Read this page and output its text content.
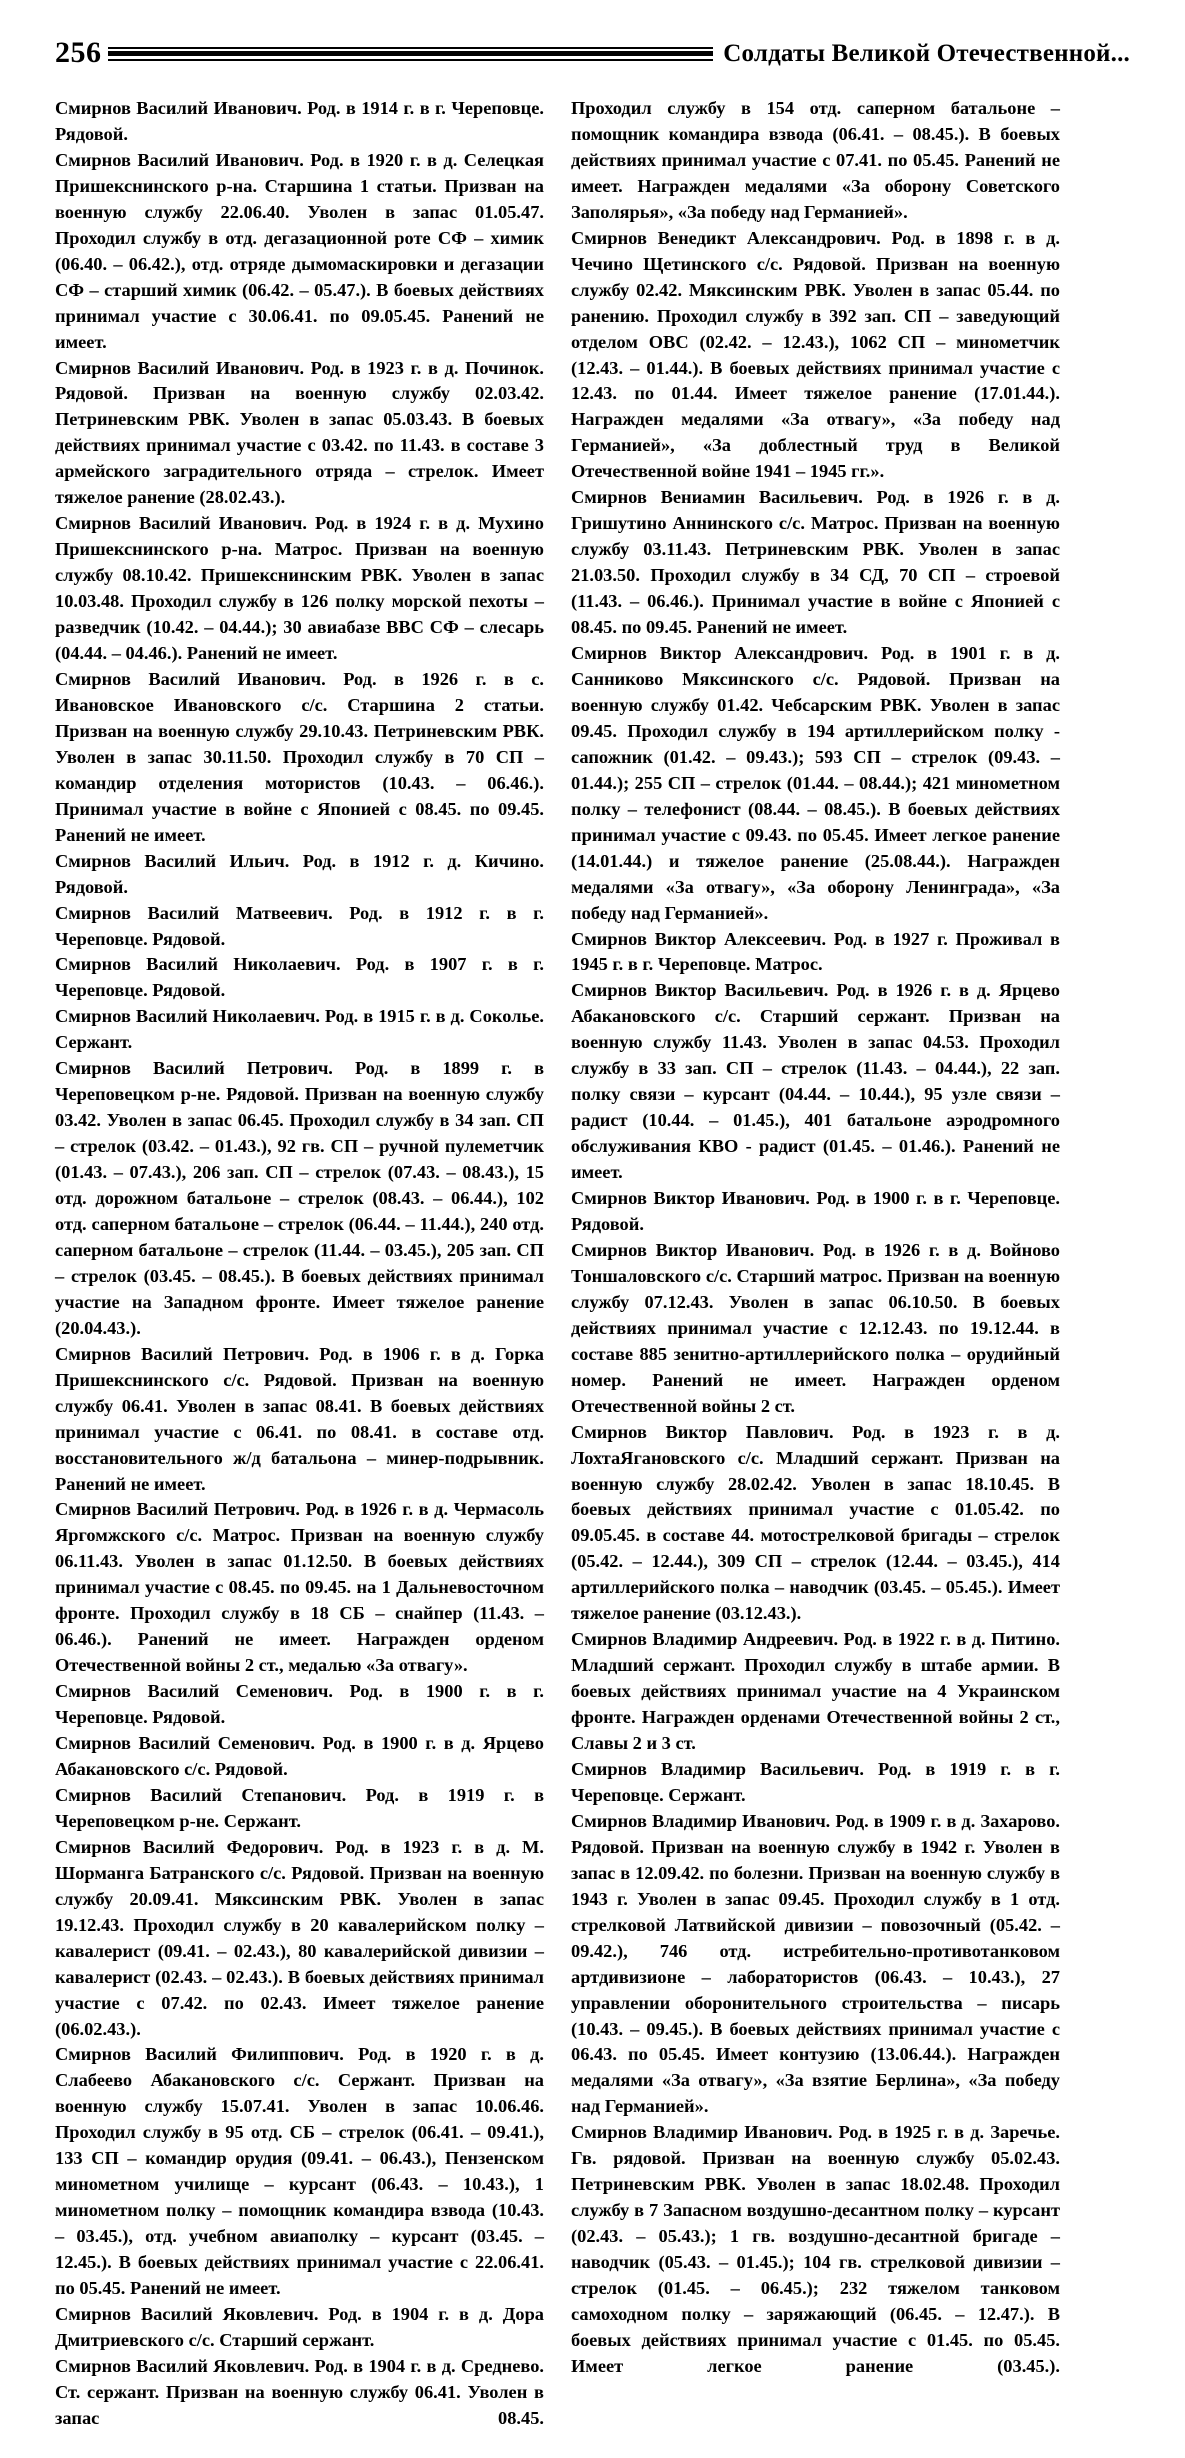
256	Солдаты Великой Отечественной...

Смирнов Василий Иванович. Род. в 1914 г. в г. Череповце. Рядовой.

Смирнов Василий Иванович. Род. в 1920 г. в д. Селецкая Пришекснинского р-на. Старшина 1 статьи. Призван на военную службу 22.06.40. Уволен в запас 01.05.47. Проходил службу в отд. дегазационной роте СФ – химик (06.40. – 06.42.), отд. отряде дымомаскировки и дегазации СФ – старший химик (06.42. – 05.47.). В боевых действиях принимал участие с 30.06.41. по 09.05.45. Ранений не имеет.

Смирнов Василий Иванович. Род. в 1923 г. в д. Починок. Рядовой. Призван на военную службу 02.03.42. Петриневским РВК. Уволен в запас 05.03.43. В боевых действиях принимал участие с 03.42. по 11.43. в составе 3 армейского заградительного отряда – стрелок. Имеет тяжелое ранение (28.02.43.).

Смирнов Василий Иванович. Род. в 1924 г. в д. Мухино Пришекснинского р-на. Матрос. Призван на военную службу 08.10.42. Пришекснинским РВК. Уволен в запас 10.03.48. Проходил службу в 126 полку морской пехоты – разведчик (10.42. – 04.44.); 30 авиабазе ВВС СФ – слесарь (04.44. – 04.46.). Ранений не имеет.

Смирнов Василий Иванович. Род. в 1926 г. в с. Ивановское Ивановского с/с. Старшина 2 статьи. Призван на военную службу 29.10.43. Петриневским РВК. Уволен в запас 30.11.50. Проходил службу в 70 СП – командир отделения мотористов (10.43. – 06.46.). Принимал участие в войне с Японией с 08.45. по 09.45. Ранений не имеет.

Смирнов Василий Ильич. Род. в 1912 г. д. Кичино. Рядовой.

Смирнов Василий Матвеевич. Род. в 1912 г. в г. Череповце. Рядовой.

Смирнов Василий Николаевич. Род. в 1907 г. в г. Череповце. Рядовой.

Смирнов Василий Николаевич. Род. в 1915 г. в д. Соколье. Сержант.

Смирнов Василий Петрович. Род. в 1899 г. в Череповецком р-не. Рядовой. Призван на военную службу 03.42. Уволен в запас 06.45. Проходил службу в 34 зап. СП – стрелок (03.42. – 01.43.), 92 гв. СП – ручной пулеметчик (01.43. – 07.43.), 206 зап. СП – стрелок (07.43. – 08.43.), 15 отд. дорожном батальоне – стрелок (08.43. – 06.44.), 102 отд. саперном батальоне – стрелок (06.44. – 11.44.), 240 отд. саперном батальоне – стрелок (11.44. – 03.45.), 205 зап. СП – стрелок (03.45. – 08.45.). В боевых действиях принимал участие на Западном фронте. Имеет тяжелое ранение (20.04.43.).

Смирнов Василий Петрович. Род. в 1906 г. в д. Горка Пришекснинского с/с. Рядовой. Призван на военную службу 06.41. Уволен в запас 08.41. В боевых действиях принимал участие с 06.41. по 08.41. в составе отд. восстановительного ж/д батальона – минер-подрывник. Ранений не имеет.

Смирнов Василий Петрович. Род. в 1926 г. в д. Чермасоль Яргомжского с/с. Матрос. Призван на военную службу 06.11.43. Уволен в запас 01.12.50. В боевых действиях принимал участие с 08.45. по 09.45. на 1 Дальневосточном фронте. Проходил службу в 18 СБ – снайпер (11.43. – 06.46.). Ранений не имеет. Награжден орденом Отечественной войны 2 ст., медалью «За отвагу».

Смирнов Василий Семенович. Род. в 1900 г. в г. Череповце. Рядовой.

Смирнов Василий Семенович. Род. в 1900 г. в д. Ярцево Абакановского с/с. Рядовой.

Смирнов Василий Степанович. Род. в 1919 г. в Череповецком р-не. Сержант.

Смирнов Василий Федорович. Род. в 1923 г. в д. М. Шорманга Батранского с/с. Рядовой. Призван на военную службу 20.09.41. Мяксинским РВК. Уволен в запас 19.12.43. Проходил службу в 20 кавалерийском полку – кавалерист (09.41. – 02.43.), 80 кавалерийской дивизии – кавалерист (02.43. – 02.43.). В боевых действиях принимал участие с 07.42. по 02.43. Имеет тяжелое ранение (06.02.43.).

Смирнов Василий Филиппович. Род. в 1920 г. в д. Слабеево Абакановского с/с. Сержант. Призван на военную службу 15.07.41. Уволен в запас 10.06.46. Проходил службу в 95 отд. СБ – стрелок (06.41. – 09.41.), 133 СП – командир орудия (09.41. – 06.43.), Пензенском минометном училище – курсант (06.43. – 10.43.), 1 минометном полку – помощник командира взвода (10.43. – 03.45.), отд. учебном авиаполку – курсант (03.45. – 12.45.). В боевых действиях принимал участие с 22.06.41. по 05.45. Ранений не имеет.

Смирнов Василий Яковлевич. Род. в 1904 г. в д. Дора Дмитриевского с/с. Старший сержант.

Смирнов Василий Яковлевич. Род. в 1904 г. в д. Среднево. Ст. сержант. Призван на военную службу 06.41. Уволен в запас 08.45.

Проходил службу в 154 отд. саперном батальоне – помощник командира взвода (06.41. – 08.45.). В боевых действиях принимал участие с 07.41. по 05.45. Ранений не имеет. Награжден медалями «За оборону Советского Заполярья», «За победу над Германией».

Смирнов Венедикт Александрович. Род. в 1898 г. в д. Чечино Щетинского с/с. Рядовой. Призван на военную службу 02.42. Мяксинским РВК. Уволен в запас 05.44. по ранению. Проходил службу в 392 зап. СП – заведующий отделом ОВС (02.42. – 12.43.), 1062 СП – минометчик (12.43. – 01.44.). В боевых действиях принимал участие с 12.43. по 01.44. Имеет тяжелое ранение (17.01.44.). Награжден медалями «За отвагу», «За победу над Германией», «За доблестный труд в Великой Отечественной войне 1941 – 1945 гг.».

Смирнов Вениамин Васильевич. Род. в 1926 г. в д. Гришутино Аннинского с/с. Матрос. Призван на военную службу 03.11.43. Петриневским РВК. Уволен в запас 21.03.50. Проходил службу в 34 СД, 70 СП – строевой (11.43. – 06.46.). Принимал участие в войне с Японией с 08.45. по 09.45. Ранений не имеет.

Смирнов Виктор Александрович. Род. в 1901 г. в д. Санниково Мяксинского с/с. Рядовой. Призван на военную службу 01.42. Чебсарским РВК. Уволен в запас 09.45. Проходил службу в 194 артиллерийском полку - сапожник (01.42. – 09.43.); 593 СП – стрелок (09.43. – 01.44.); 255 СП – стрелок (01.44. – 08.44.); 421 минометном полку – телефонист (08.44. – 08.45.). В боевых действиях принимал участие с 09.43. по 05.45. Имеет легкое ранение (14.01.44.) и тяжелое ранение (25.08.44.). Награжден медалями «За отвагу», «За оборону Ленинграда», «За победу над Германией».

Смирнов Виктор Алексеевич. Род. в 1927 г. Проживал в 1945 г. в г. Череповце. Матрос.

Смирнов Виктор Васильевич. Род. в 1926 г. в д. Ярцево Абакановского с/с. Старший сержант. Призван на военную службу 11.43. Уволен в запас 04.53. Проходил службу в 33 зап. СП – стрелок (11.43. – 04.44.), 22 зап. полку связи – курсант (04.44. – 10.44.), 95 узле связи – радист (10.44. – 01.45.), 401 батальоне аэродромного обслуживания КВО - радист (01.45. – 01.46.). Ранений не имеет.

Смирнов Виктор Иванович. Род. в 1900 г. в г. Череповце. Рядовой.

Смирнов Виктор Иванович. Род. в 1926 г. в д. Войново Тоншаловского с/с. Старший матрос. Призван на военную службу 07.12.43. Уволен в запас 06.10.50. В боевых действиях принимал участие с 12.12.43. по 19.12.44. в составе 885 зенитно-артиллерийского полка – орудийный номер. Ранений не имеет. Награжден орденом Отечественной войны 2 ст.

Смирнов Виктор Павлович. Род. в 1923 г. в д. ЛохтаЯгановского с/с. Младший сержант. Призван на военную службу 28.02.42. Уволен в запас 18.10.45. В боевых действиях принимал участие с 01.05.42. по 09.05.45. в составе 44. мотострелковой бригады – стрелок (05.42. – 12.44.), 309 СП – стрелок (12.44. – 03.45.), 414 артиллерийского полка – наводчик (03.45. – 05.45.). Имеет тяжелое ранение (03.12.43.).

Смирнов Владимир Андреевич. Род. в 1922 г. в д. Питино. Младший сержант. Проходил службу в штабе армии. В боевых действиях принимал участие на 4 Украинском фронте. Награжден орденами Отечественной войны 2 ст., Славы 2 и 3 ст.

Смирнов Владимир Васильевич. Род. в 1919 г. в г. Череповце. Сержант.

Смирнов Владимир Иванович. Род. в 1909 г. в д. Захарово. Рядовой. Призван на военную службу в 1942 г. Уволен в запас в 12.09.42. по болезни. Призван на военную службу в 1943 г. Уволен в запас 09.45. Проходил службу в 1 отд. стрелковой Латвийской дивизии – повозочный (05.42. – 09.42.), 746 отд. истребительно-противотанковом артдивизионе – лаборатористов (06.43. – 10.43.), 27 управлении оборонительного строительства – писарь (10.43. – 09.45.). В боевых действиях принимал участие с 06.43. по 05.45. Имеет контузию (13.06.44.). Награжден медалями «За отвагу», «За взятие Берлина», «За победу над Германией».

Смирнов Владимир Иванович. Род. в 1925 г. в д. Заречье. Гв. рядовой. Призван на военную службу 05.02.43. Петриневским РВК. Уволен в запас 18.02.48. Проходил службу в 7 Запасном воздушно-десантном полку – курсант (02.43. – 05.43.); 1 гв. воздушно-десантной бригаде – наводчик (05.43. – 01.45.); 104 гв. стрелковой дивизии – стрелок (01.45. – 06.45.); 232 тяжелом танковом самоходном полку – заряжающий (06.45. – 12.47.). В боевых действиях принимал участие с 01.45. по 05.45. Имеет легкое ранение (03.45.).
